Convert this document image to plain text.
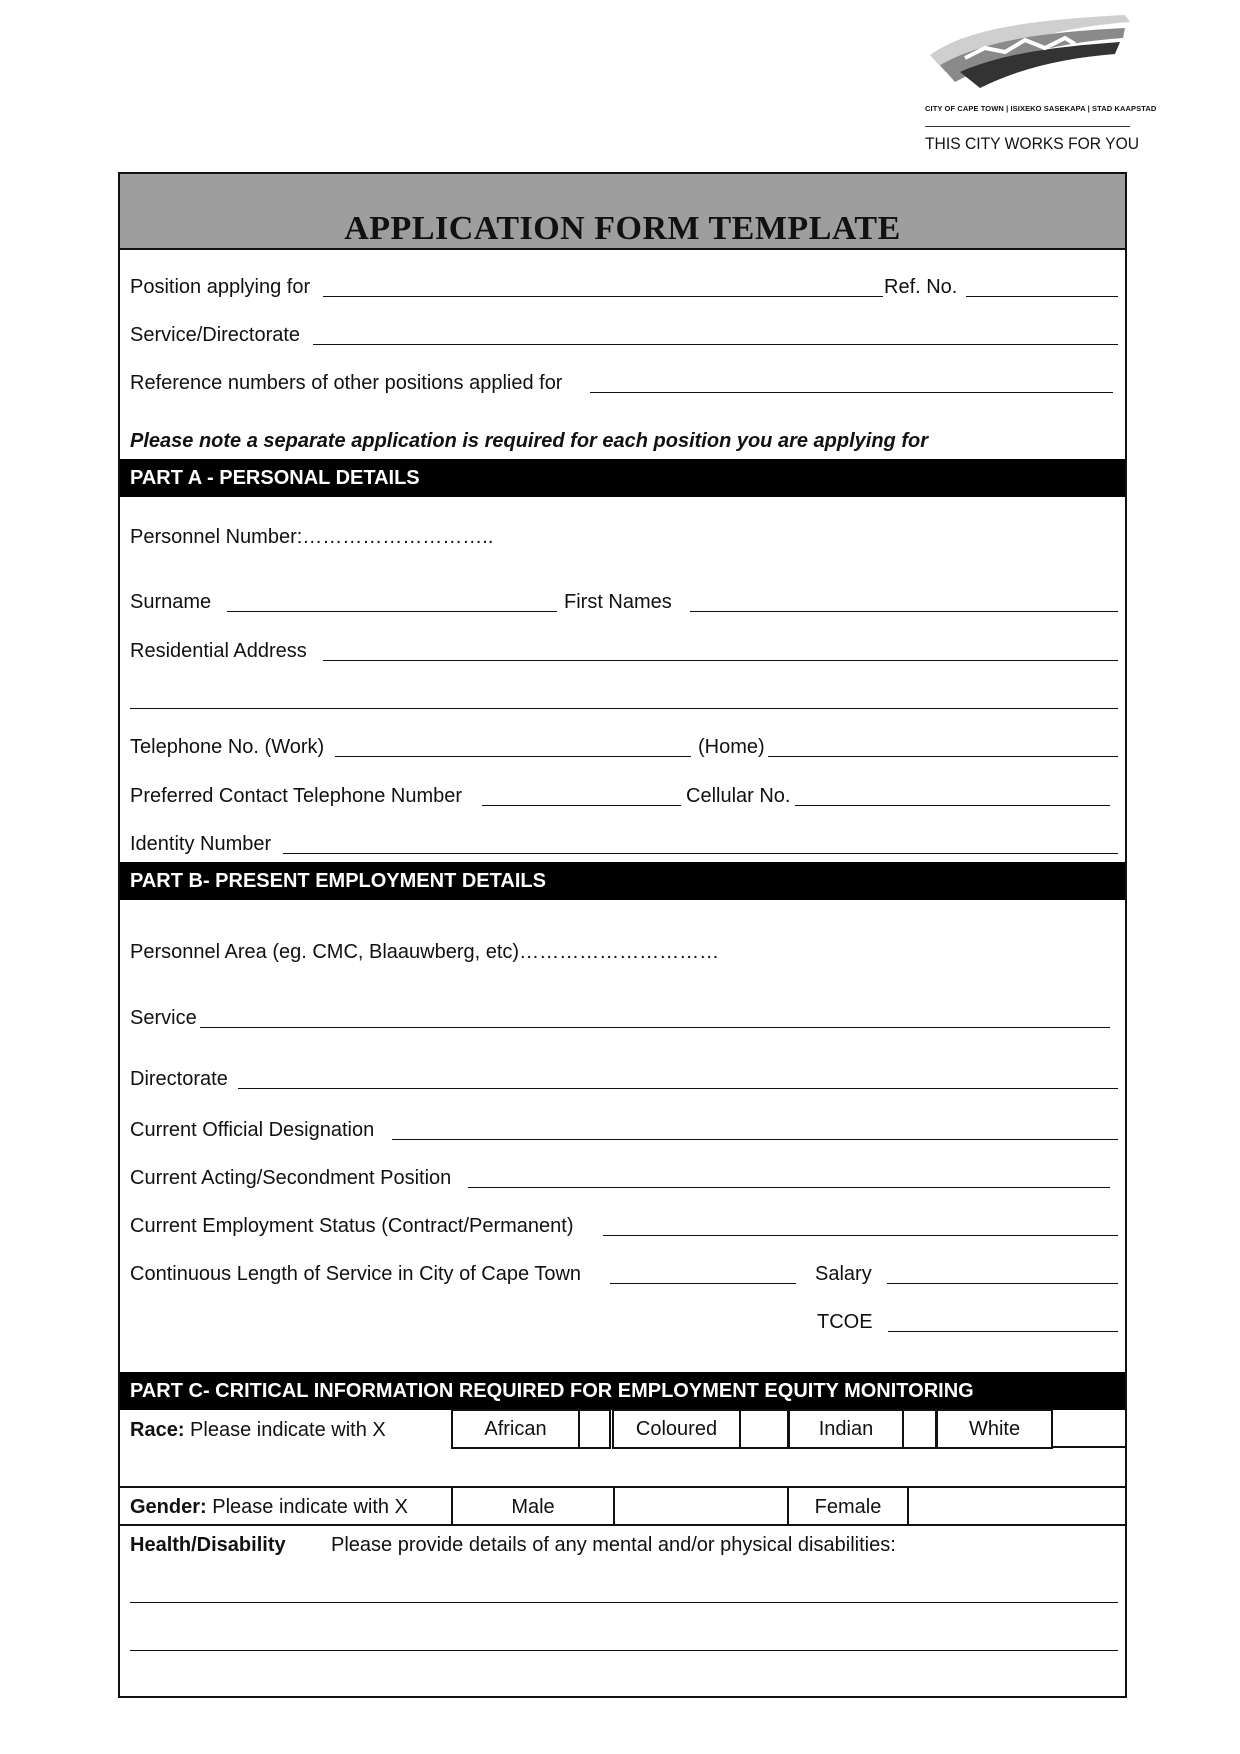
CITY OF CAPE TOWN | ISIXEKO SASEKAPA | STAD KAAPSTAD
THIS CITY WORKS FOR YOU
APPLICATION FORM TEMPLATE
Position applying for	Ref. No.
Service/Directorate
Reference numbers of other positions applied for
Please note a separate application is required for each position you are applying for
PART A - PERSONAL DETAILS
Personnel Number:………………………..
Surname	First Names
Residential Address
Telephone No. (Work)	(Home)
Preferred Contact Telephone Number	Cellular No.
Identity Number
PART B- PRESENT EMPLOYMENT DETAILS
Personnel Area (eg. CMC, Blaauwberg, etc)…………………………
Service
Directorate
Current Official Designation
Current Acting/Secondment Position
Current Employment Status (Contract/Permanent)
Continuous Length of Service in City of Cape Town	Salary
TCOE
PART C- CRITICAL INFORMATION REQUIRED FOR EMPLOYMENT EQUITY MONITORING
Race: Please indicate with X	African	Coloured	Indian	White
Gender: Please indicate with X	Male	Female
Health/Disability Please provide details of any mental and/or physical disabilities:
